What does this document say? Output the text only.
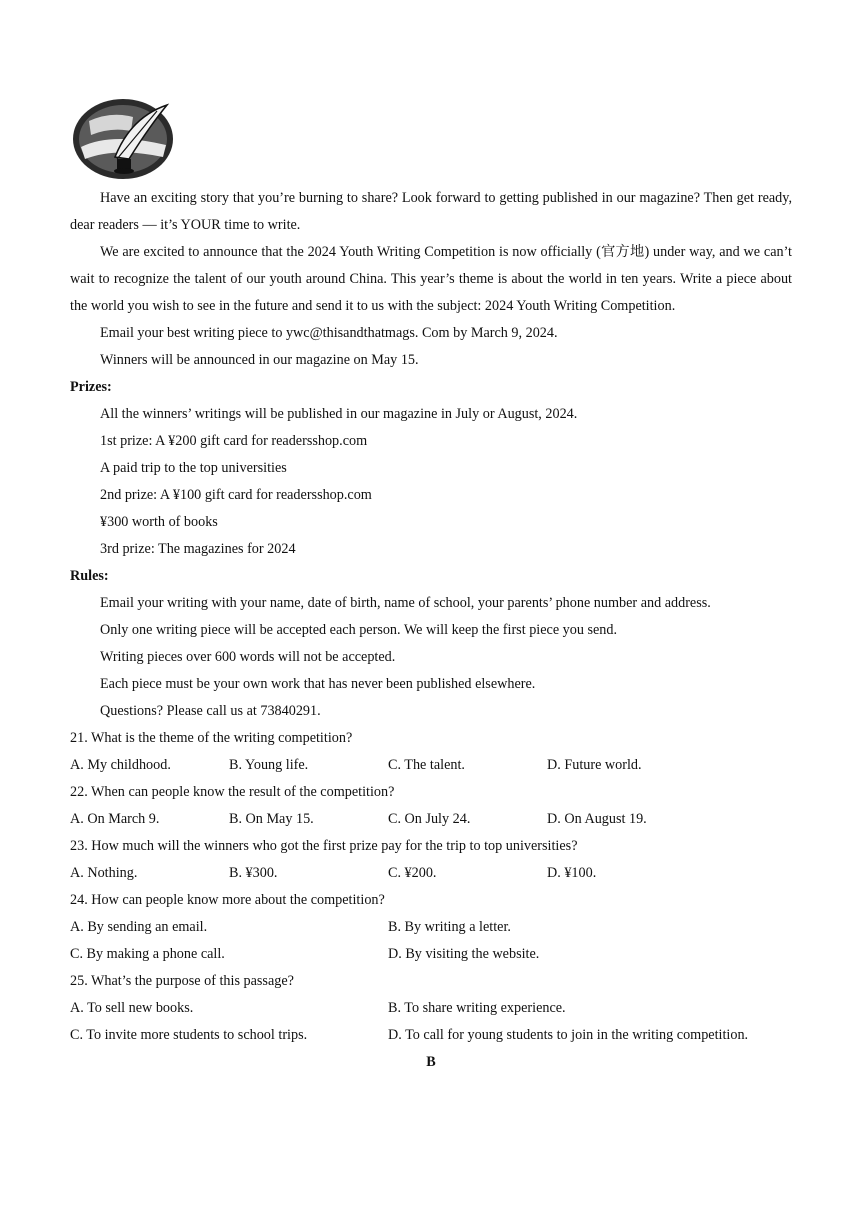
Have an exciting story that you’re burning to share? Look forward to getting published in our magazine? Then get ready, dear readers — it’s YOUR time to write.
We are excited to announce that the 2024 Youth Writing Competition is now officially (官方地) under way, and we can’t wait to recognize the talent of our youth around China. This year’s theme is about the world in ten years. Write a piece about the world you wish to see in the future and send it to us with the subject: 2024 Youth Writing Competition.
Email your best writing piece to ywc@thisandthatmags. Com by March 9, 2024.
Winners will be announced in our magazine on May 15.
Prizes:
All the winners’ writings will be published in our magazine in July or August, 2024.
1st prize: A ¥200 gift card for readersshop.com
A paid trip to the top universities
2nd prize: A ¥100 gift card for readersshop.com
¥300 worth of books
3rd prize: The magazines for 2024
Rules:
Email your writing with your name, date of birth, name of school, your parents’ phone number and address.
Only one writing piece will be accepted each person. We will keep the first piece you send.
Writing pieces over 600 words will not be accepted.
Each piece must be your own work that has never been published elsewhere.
Questions? Please call us at 73840291.
21. What is the theme of the writing competition?
A. My childhood.	B. Young life.	C. The talent.	D. Future world.
22. When can people know the result of the competition?
A. On March 9.	B. On May 15.	C. On July 24.	D. On August 19.
23. How much will the winners who got the first prize pay for the trip to top universities?
A. Nothing.	B. ¥300.	C. ¥200.	D. ¥100.
24. How can people know more about the competition?
A. By sending an email.	B. By writing a letter.
C. By making a phone call.	D. By visiting the website.
25. What’s the purpose of this passage?
A. To sell new books.	B. To share writing experience.
C. To invite more students to school trips.	D. To call for young students to join in the writing competition.
B
